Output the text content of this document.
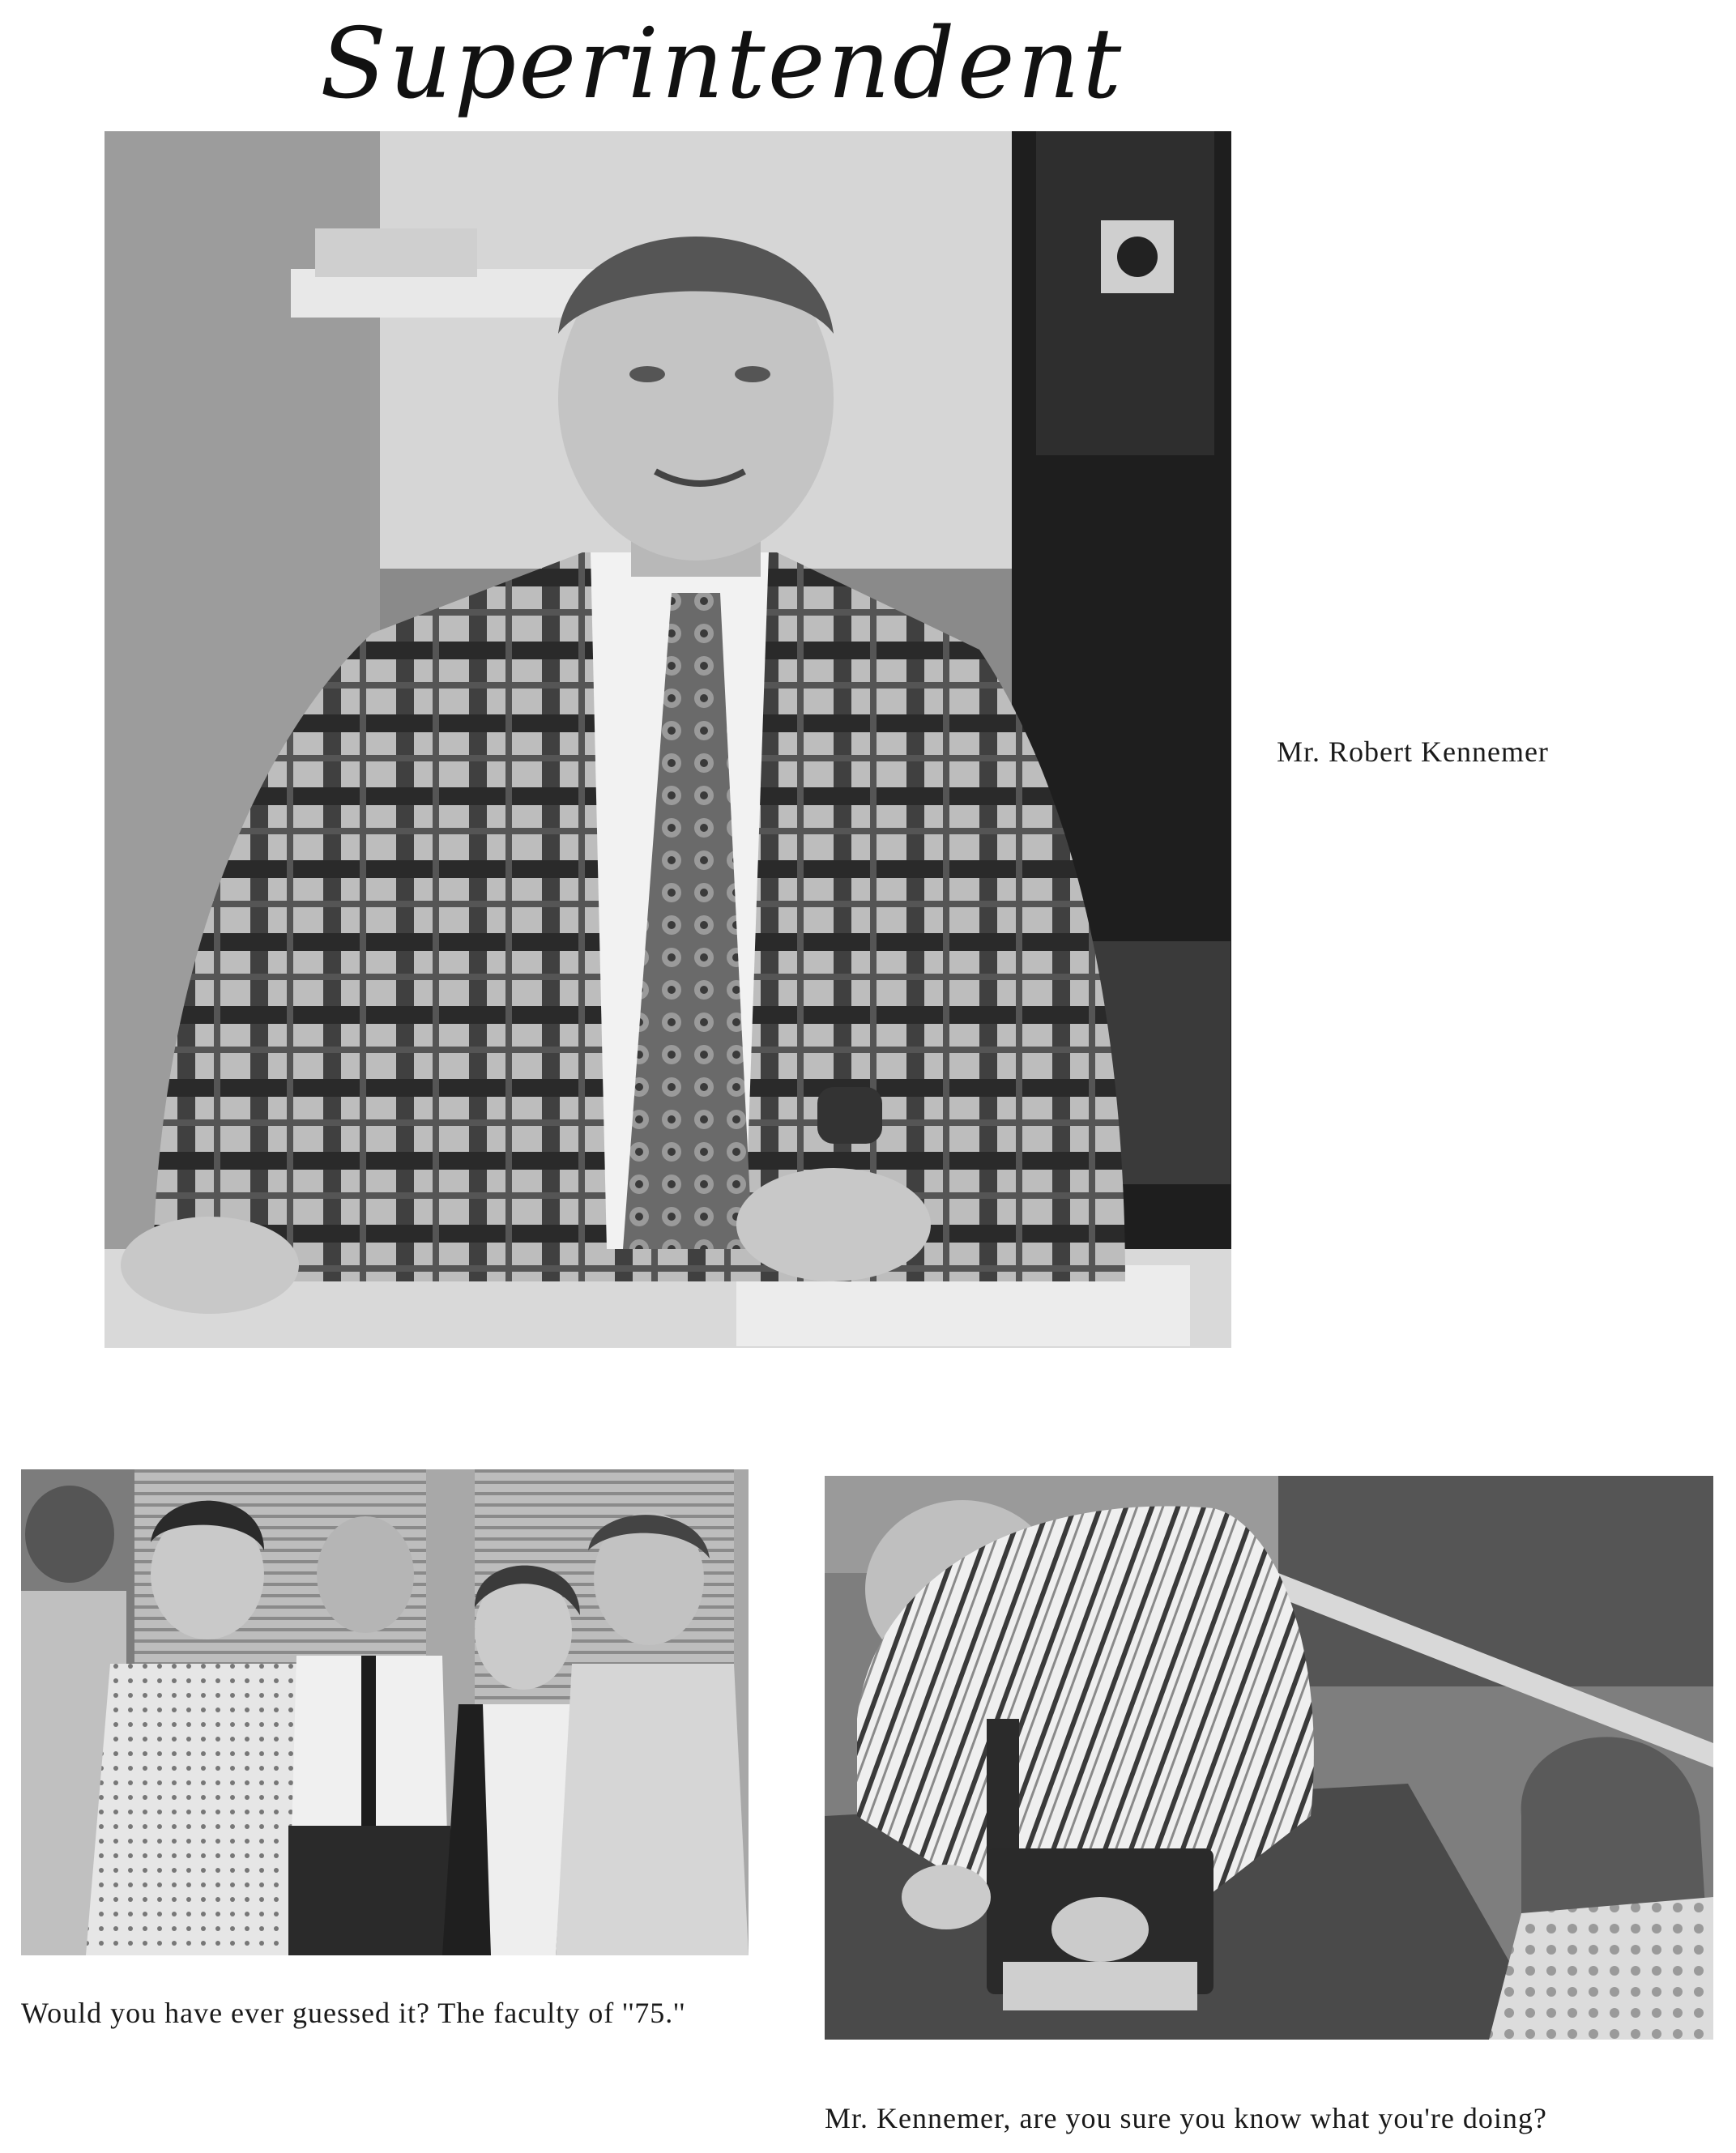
Superintendent
Mr. Robert Kennemer
Would you have ever guessed it? The faculty of ''75.''
Mr. Kennemer, are you sure you know what you're doing?
